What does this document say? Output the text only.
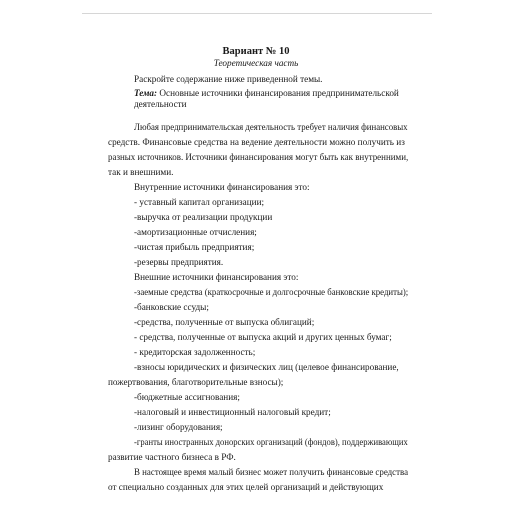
Вариант № 10
Теоретическая часть
Раскройте содержание ниже приведенной темы.
Тема: Основные источники финансирования предпринимательской
деятельности
Любая предпринимательская деятельность требует наличия финансовых
средств. Финансовые средства на ведение деятельности можно получить из
разных источников. Источники финансирования могут быть как внутренними,
так и внешними.
Внутренние источники финансирования это:
- уставный капитал организации;
-выручка от реализации продукции
-амортизационные отчисления;
-чистая прибыль предприятия;
-резервы предприятия.
Внешние источники финансирования это:
-заемные средства (краткосрочные и долгосрочные банковские кредиты);
-банковские ссуды;
-средства, полученные от выпуска облигаций;
- средства, полученные от выпуска акций и других ценных бумаг;
- кредиторская задолженность;
-взносы юридических и физических лиц (целевое финансирование,
пожертвования, благотворительные взносы);
-бюджетные ассигнования;
-налоговый и инвестиционный налоговый кредит;
-лизинг оборудования;
-гранты иностранных донорских организаций (фондов), поддерживающих
развитие частного бизнеса в РФ.
В настоящее время малый бизнес может получить финансовые средства
от специально созданных для этих целей организаций и действующих
